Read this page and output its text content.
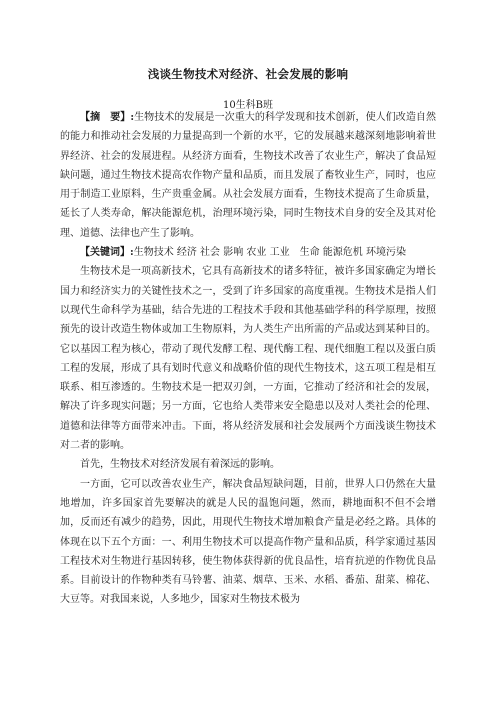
浅谈生物技术对经济、社会发展的影响
10生科B班

【摘　要】:生物技术的发展是一次重大的科学发现和技术创新，使人们改造自然的能力和推动社会发展的力量提高到一个新的水平，它的发展越来越深刻地影响着世界经济、社会的发展进程。从经济方面看，生物技术改善了农业生产，解决了食品短缺问题，通过生物技术提高农作物产量和品质，而且发展了畜牧业生产，同时，也应用于制造工业原料，生产贵重金属。从社会发展方面看，生物技术提高了生命质量，延长了人类寿命，解决能源危机，治理环境污染，同时生物技术自身的安全及其对伦理、道德、法律也产生了影响。

【关键词】:生物技术 经济 社会 影响 农业 工业　生命 能源危机 环境污染

生物技术是一项高新技术，它具有高新技术的诸多特征，被许多国家确定为增长国力和经济实力的关键性技术之一，受到了许多国家的高度重视。生物技术是指人们以现代生命科学为基础，结合先进的工程技术手段和其他基础学科的科学原理，按照预先的设计改造生物体或加工生物原料，为人类生产出所需的产品或达到某种目的。它以基因工程为核心，带动了现代发酵工程、现代酶工程、现代细胞工程以及蛋白质工程的发展，形成了具有划时代意义和战略价值的现代生物技术，这五项工程是相互联系、相互渗透的。生物技术是一把双刃剑，一方面，它推动了经济和社会的发展，解决了许多现实问题；另一方面，它也给人类带来安全隐患以及对人类社会的伦理、道德和法律等方面带来冲击。下面，将从经济发展和社会发展两个方面浅谈生物技术对二者的影响。

首先，生物技术对经济发展有着深远的影响。

一方面，它可以改善农业生产，解决食品短缺问题，目前，世界人口仍然在大量地增加，许多国家首先要解决的就是人民的温饱问题，然而，耕地面积不但不会增加，反而还有减少的趋势，因此，用现代生物技术增加粮食产量是必经之路。具体的体现在以下五个方面：一、利用生物技术可以提高作物产量和品质，科学家通过基因工程技术对生物进行基因转移，使生物体获得新的优良品性，培育抗逆的作物优良品系。目前设计的作物种类有马铃薯、油菜、烟草、玉米、水稻、番茄、甜菜、棉花、大豆等。对我国来说，人多地少，国家对生物技术极为
